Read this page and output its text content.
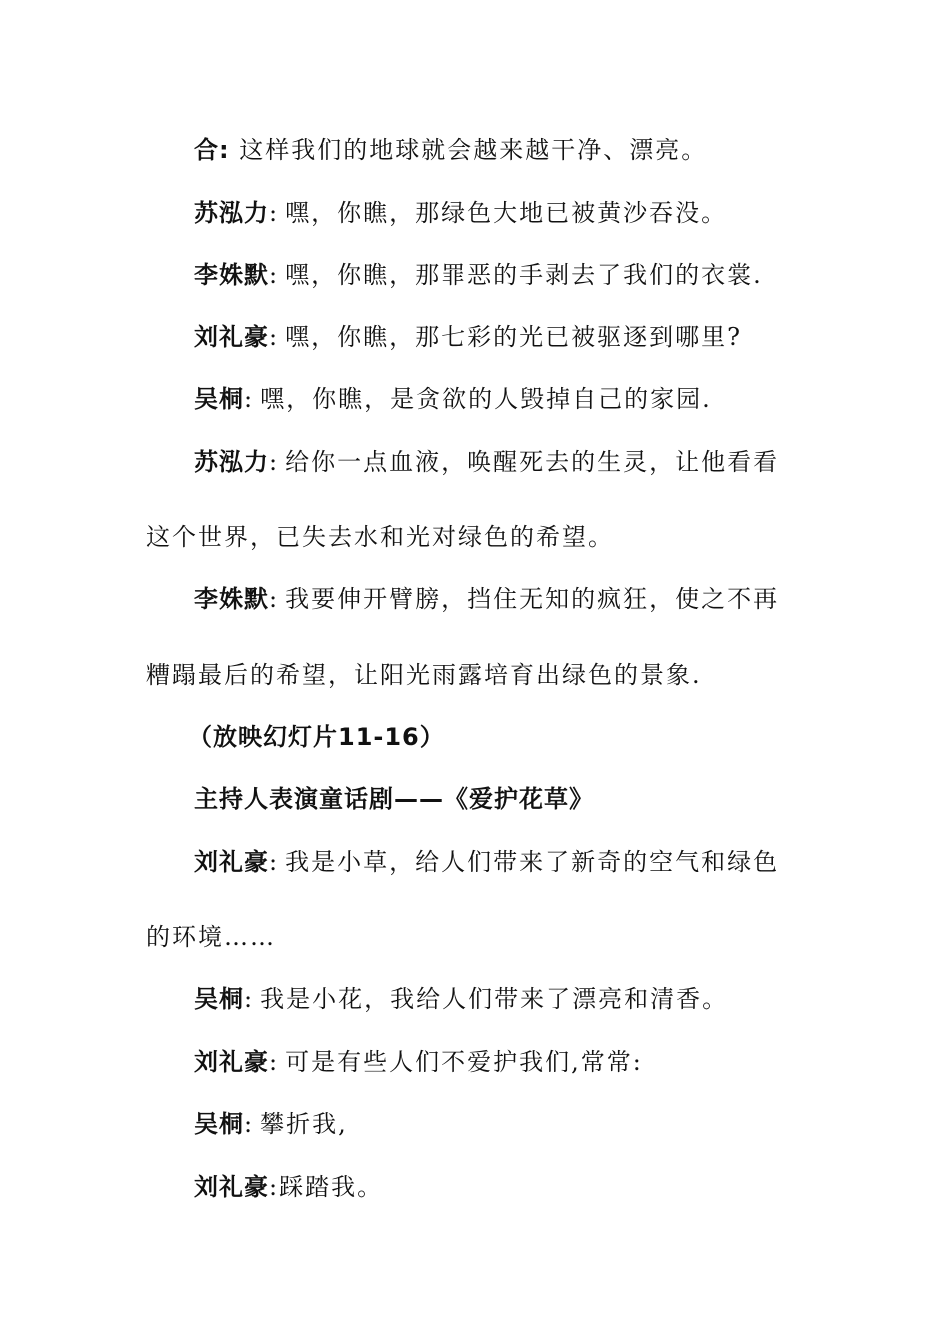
合: 这样我们的地球就会越来越干净、漂亮。
苏泓力: 嘿，你瞧，那绿色大地已被黄沙吞没。
李姝默: 嘿，你瞧，那罪恶的手剥去了我们的衣裳.
刘礼豪: 嘿，你瞧，那七彩的光已被驱逐到哪里?
吴桐: 嘿，你瞧，是贪欲的人毁掉自己的家园.
苏泓力: 给你一点血液，唤醒死去的生灵，让他看看
这个世界，已失去水和光对绿色的希望。
李姝默: 我要伸开臂膀，挡住无知的疯狂，使之不再
糟蹋最后的希望，让阳光雨露培育出绿色的景象.
（放映幻灯片11-16）
主持人表演童话剧——《爱护花草》
刘礼豪: 我是小草，给人们带来了新奇的空气和绿色
的环境……
吴桐: 我是小花，我给人们带来了漂亮和清香。
刘礼豪: 可是有些人们不爱护我们,常常:
吴桐: 攀折我,
刘礼豪:踩踏我。
